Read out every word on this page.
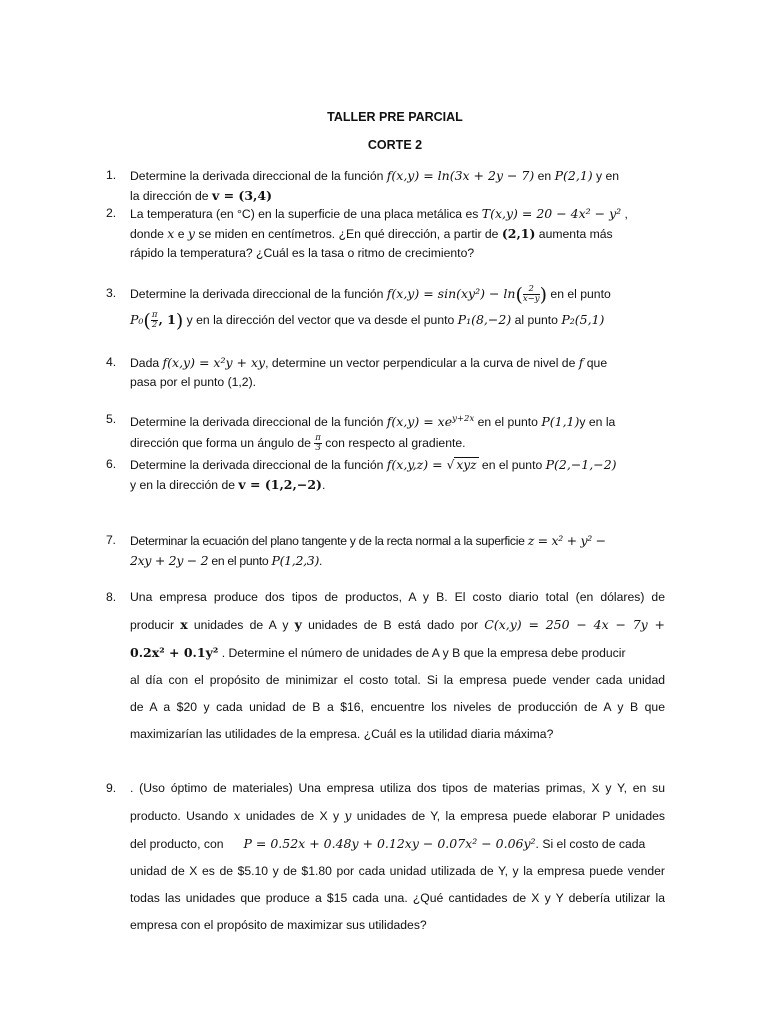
TALLER PRE PARCIAL
CORTE 2
1. Determine la derivada direccional de la función f(x,y) = ln(3x + 2y − 7) en P(2,1) y en

la dirección de v = (3,4)

2. La temperatura (en °C) en la superficie de una placa metálica es T(x,y) = 20 − 4x² − y² ,

donde x e y se miden en centímetros. ¿En qué dirección, a partir de (2,1) aumenta más

rápido la temperatura? ¿Cuál es la tasa o ritmo de crecimiento?

3. Determine la derivada direccional de la función $f(x,y) = \sin(xy^2) - \ln( \frac{2}{x-y}$ ) en el punto

$P_0( \frac{\pi}{2}$ , 1) y en la dirección del vector que va desde el punto P₁(8,−2) al punto P₂(5,1)

4. Dada f(x,y) = x²y + xy, determine un vector perpendicular a la curva de nivel de f que

pasa por el punto (1,2).

5. Determine la derivada direccional de la función $f(x,y) = xe^{y+2x}$ en el punto P(1,1)y en la

dirección que forma un ángulo de $\frac{\pi}{3}$ con respecto al gradiente.

6. Determine la derivada direccional de la función f(x,y,z) = √ xyz en el punto P(2,−1,−2)

y en la dirección de v = (1,2,−2).

7. Determinar la ecuación del plano tangente y de la recta normal a la superficie z = x² + y² −

2xy + 2y − 2 en el punto P(1,2,3).

8. Una empresa produce dos tipos de productos, A y B. El costo diario total (en dólares) de

producir x unidades de A y y unidades de B está dado por C(x,y) = 250 − 4x − 7y +

0.2x² + 0.1y² . Determine el número de unidades de A y B que la empresa debe producir

al día con el propósito de minimizar el costo total. Si la empresa puede vender cada unidad

de A a $20 y cada unidad de B a $16, encuentre los niveles de producción de A y B que

maximizarían las utilidades de la empresa. ¿Cuál es la utilidad diaria máxima?

9. . (Uso óptimo de materiales) Una empresa utiliza dos tipos de materias primas, X y Y, en su

producto. Usando x unidades de X y y unidades de Y, la empresa puede elaborar P unidades

del producto, con P = 0.52x + 0.48y + 0.12xy − 0.07x² − 0.06y². Si el costo de cada

unidad de X es de $5.10 y de $1.80 por cada unidad utilizada de Y, y la empresa puede vender

todas las unidades que produce a $15 cada una. ¿Qué cantidades de X y Y debería utilizar la

empresa con el propósito de maximizar sus utilidades?
